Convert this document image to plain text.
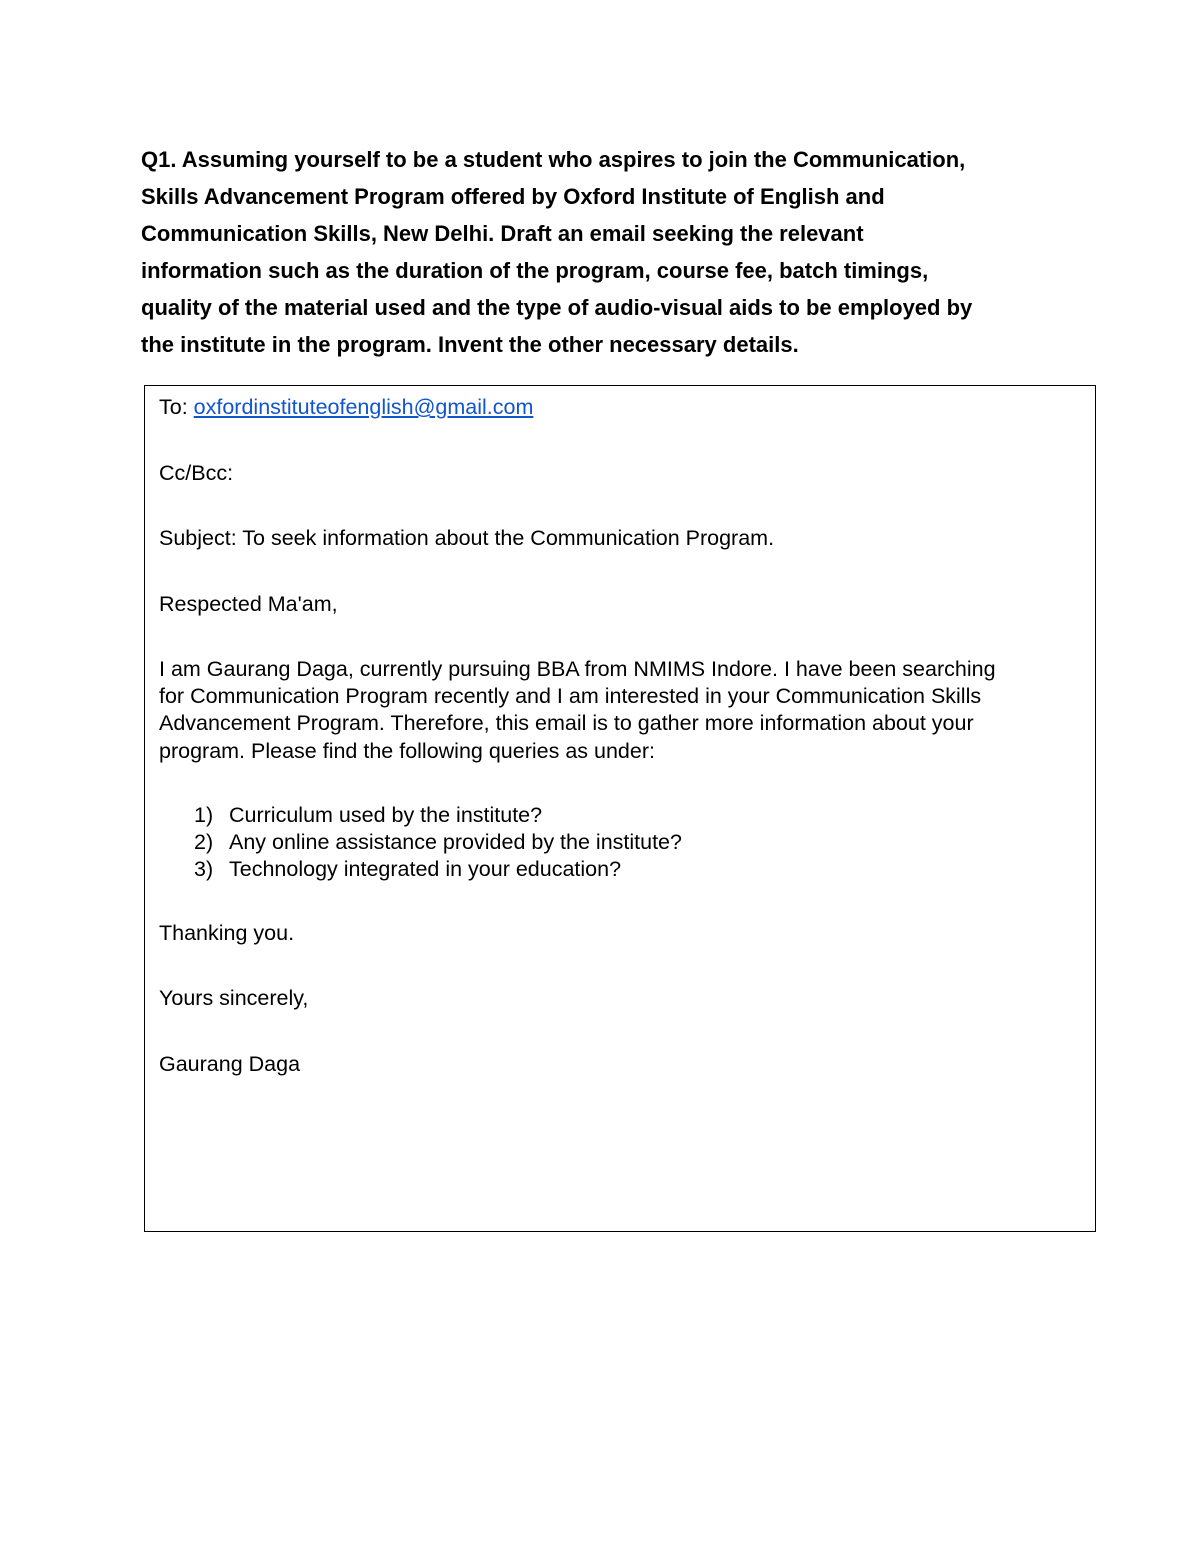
Q1. Assuming yourself to be a student who aspires to join the Communication,
Skills Advancement Program offered by Oxford Institute of English and
Communication Skills, New Delhi. Draft an email seeking the relevant
information such as the duration of the program, course fee, batch timings,
quality of the material used and the type of audio-visual aids to be employed by
the institute in the program. Invent the other necessary details.

To: oxfordinstituteofenglish@gmail.com

Cc/Bcc:

Subject: To seek information about the Communication Program.

Respected Ma'am,

I am Gaurang Daga, currently pursuing BBA from NMIMS Indore. I have been searching
for Communication Program recently and I am interested in your Communication Skills
Advancement Program. Therefore, this email is to gather more information about your
program. Please find the following queries as under:
1) Curriculum used by the institute?
2) Any online assistance provided by the institute?
3) Technology integrated in your education?

Thanking you.

Yours sincerely,

Gaurang Daga
